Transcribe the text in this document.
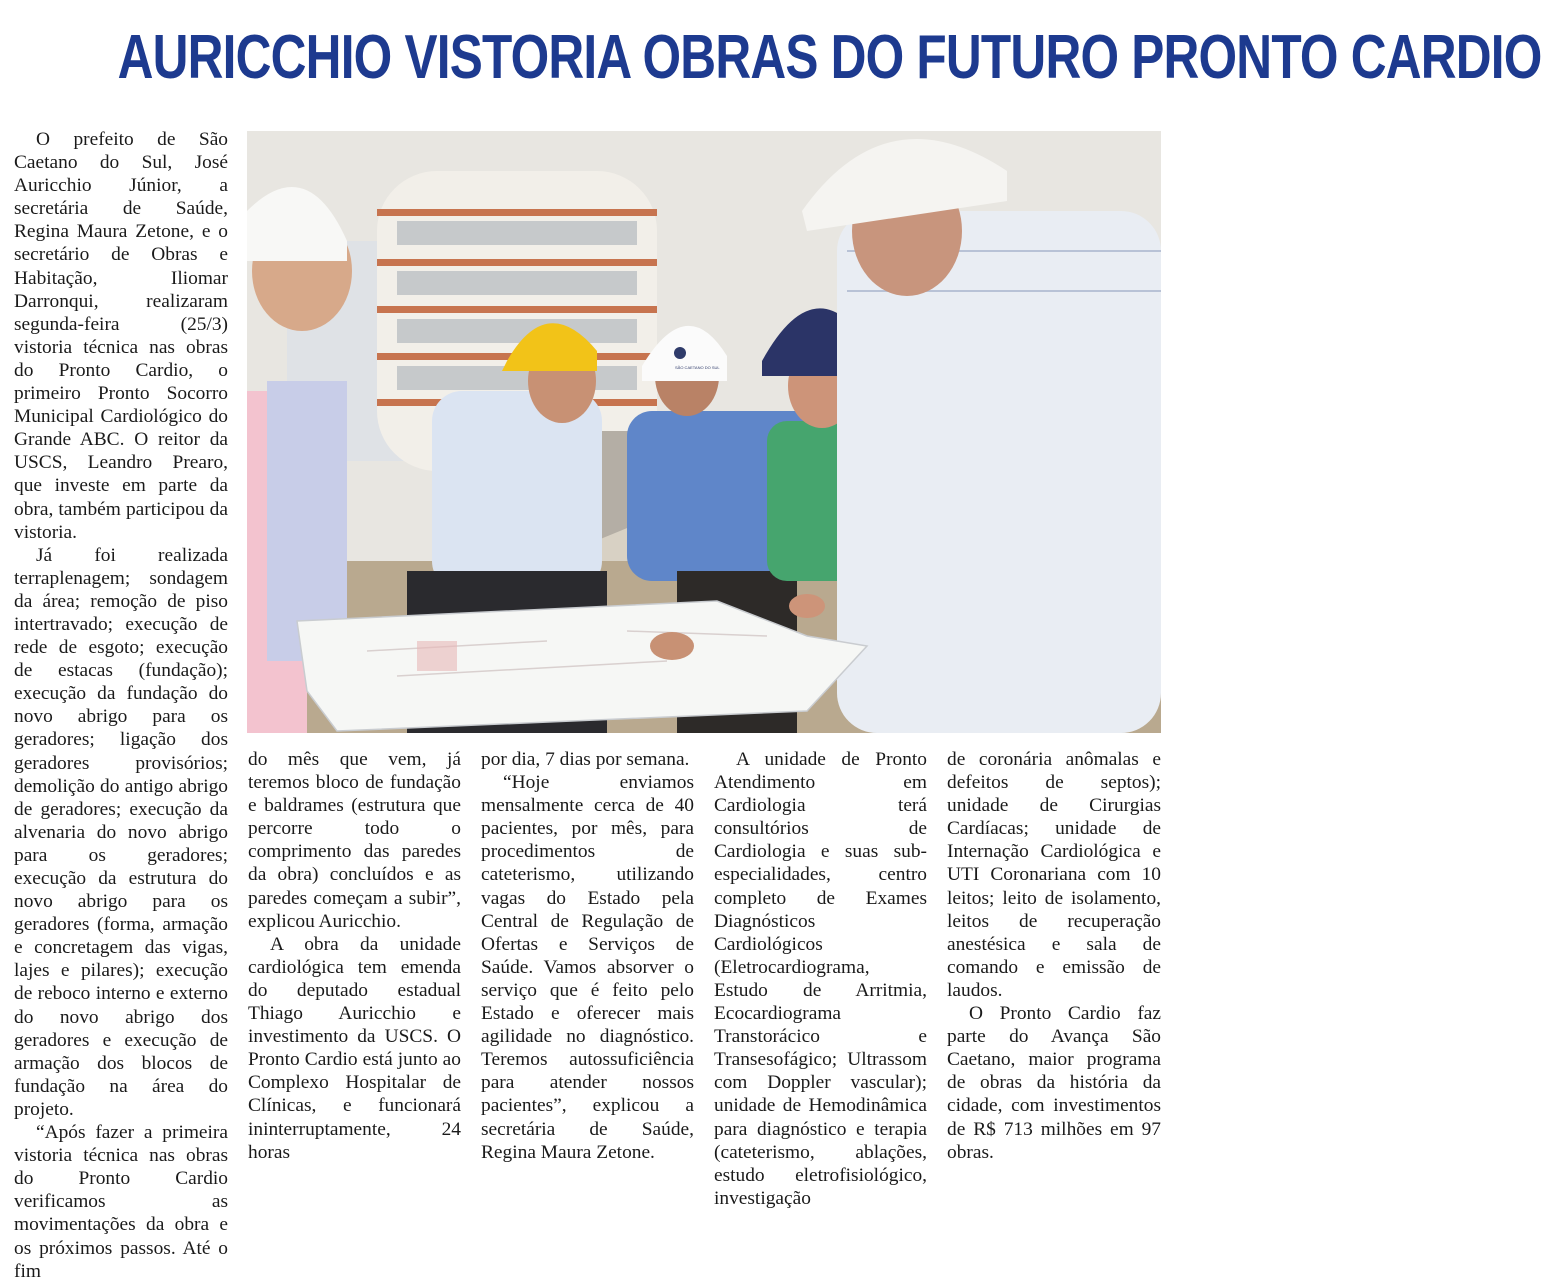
AURICCHIO VISTORIA OBRAS DO FUTURO PRONTO CARDIO

O prefeito de São Caetano do Sul, José Auricchio Júnior, a secretária de Saúde, Regina Maura Zetone, e o secretário de Obras e Habitação, Iliomar Darronqui, realizaram segunda-feira (25/3) vistoria técnica nas obras do Pronto Cardio, o primeiro Pronto Socorro Municipal Cardiológico do Grande ABC. O reitor da USCS, Leandro Prearo, que investe em parte da obra, também participou da vistoria.

Já foi realizada terraplenagem; sondagem da área; remoção de piso intertravado; execução de rede de esgoto; execução de estacas (fundação); execução da fundação do novo abrigo para os geradores; ligação dos geradores provisórios; demolição do antigo abrigo de geradores; execução da alvenaria do novo abrigo para os geradores; execução da estrutura do novo abrigo para os geradores (forma, armação e concretagem das vigas, lajes e pilares); execução de reboco interno e externo do novo abrigo dos geradores e execução de armação dos blocos de fundação na área do projeto.

“Após fazer a primeira vistoria técnica nas obras do Pronto Cardio verificamos as movimentações da obra e os próximos passos. Até o fim

SÃO CAETANO DO SUL

do mês que vem, já teremos bloco de fundação e baldrames (estrutura que percorre todo o comprimento das paredes da obra) concluídos e as paredes começam a subir”, explicou Auricchio.

A obra da unidade cardiológica tem emenda do deputado estadual Thiago Auricchio e investimento da USCS. O Pronto Cardio está junto ao Complexo Hospitalar de Clínicas, e funcionará ininterruptamente, 24 horas

por dia, 7 dias por semana.

“Hoje enviamos mensalmente cerca de 40 pacientes, por mês, para procedimentos de cateterismo, utilizando vagas do Estado pela Central de Regulação de Ofertas e Serviços de Saúde. Vamos absorver o serviço que é feito pelo Estado e oferecer mais agilidade no diagnóstico. Teremos autossuficiência para atender nossos pacientes”, explicou a secretária de Saúde, Regina Maura Zetone.

A unidade de Pronto Atendimento em Cardiologia terá consultórios de Cardiologia e suas sub-especialidades, centro completo de Exames Diagnósticos Cardiológicos (Eletrocardiograma, Estudo de Arritmia, Ecocardiograma Transtorácico e Transesofágico; Ultrassom com Doppler vascular); unidade de Hemodinâmica para diagnóstico e terapia (cateterismo, ablações, estudo eletrofisiológico, investigação

de coronária anômalas e defeitos de septos); unidade de Cirurgias Cardíacas; unidade de Internação Cardiológica e UTI Coronariana com 10 leitos; leito de isolamento, leitos de recuperação anestésica e sala de comando e emissão de laudos.

O Pronto Cardio faz parte do Avança São Caetano, maior programa de obras da história da cidade, com investimentos de R$ 713 milhões em 97 obras.
